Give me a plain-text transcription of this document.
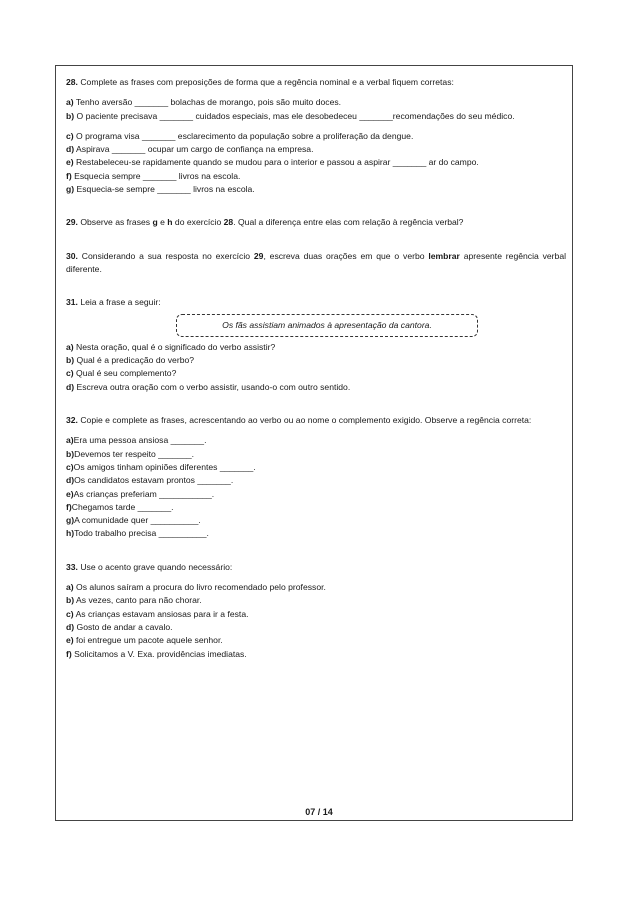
28. Complete as frases com preposições de forma que a regência nominal e a verbal fiquem corretas:

a) Tenho aversão _______ bolachas de morango, pois são muito doces.

b) O paciente precisava _______ cuidados especiais, mas ele desobedeceu _______recomendações do seu médico.

c) O programa visa _______ esclarecimento da população sobre a proliferação da dengue.

d) Aspirava _______ ocupar um cargo de confiança na empresa.

e) Restabeleceu-se rapidamente quando se mudou para o interior e passou a aspirar _______ ar do campo.

f) Esquecia sempre _______ livros na escola.

g) Esquecia-se sempre _______ livros na escola.

29. Observe as frases g e h do exercício 28. Qual a diferença entre elas com relação à regência verbal?

30. Considerando a sua resposta no exercício 29, escreva duas orações em que o verbo lembrar apresente regência verbal diferente.

31. Leia a frase a seguir:

Os fãs assistiam animados à apresentação da cantora.

a) Nesta oração, qual é o significado do verbo assistir?

b) Qual é a predicação do verbo?

c) Qual é seu complemento?

d) Escreva outra oração com o verbo assistir, usando-o com outro sentido.

32. Copie e complete as frases, acrescentando ao verbo ou ao nome o complemento exigido. Observe a regência correta:

a)Era uma pessoa ansiosa _______.

b)Devemos ter respeito _______.

c)Os amigos tinham opiniões diferentes _______.

d)Os candidatos estavam prontos _______.

e)As crianças preferiam ___________.

f)Chegamos tarde _______.

g)A comunidade quer __________.

h)Todo trabalho precisa __________.

33. Use o acento grave quando necessário:

a) Os alunos saíram a procura do livro recomendado pelo professor.

b) As vezes, canto para não chorar.

c) As crianças estavam ansiosas para ir a festa.

d) Gosto de andar a cavalo.

e) foi entregue um pacote aquele senhor.

f) Solicitamos a V. Exa. providências imediatas.

07 / 14
